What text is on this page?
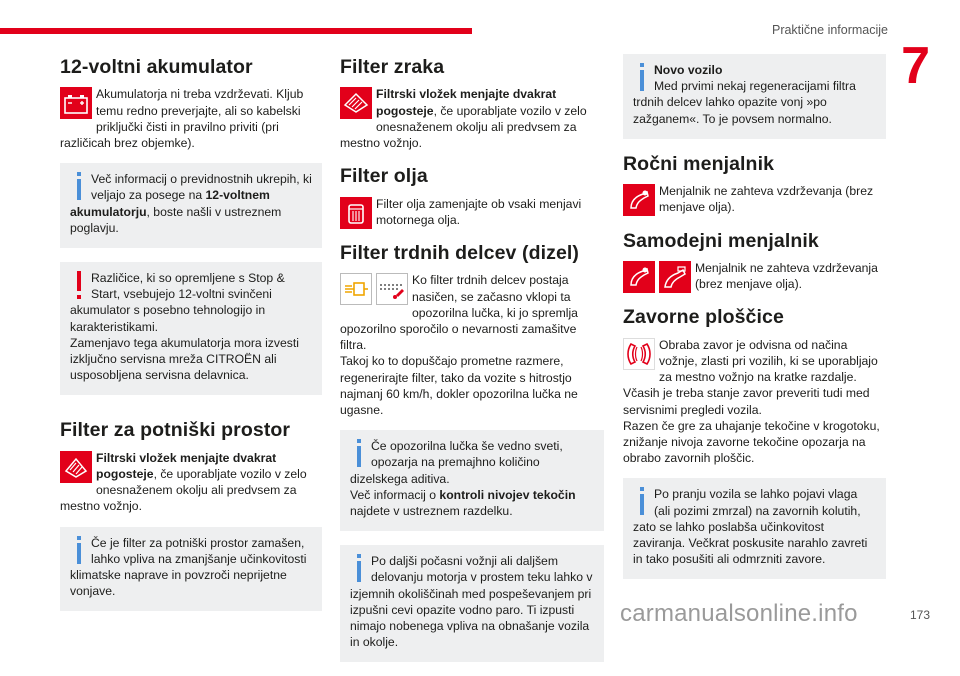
Praktične informacije
7
173
carmanualsonline.info
12-voltni akumulator

Akumulatorja ni treba vzdrževati. Kljub temu redno preverjajte, ali so kabelski priključki čisti in pravilno priviti (pri različicah brez objemke).

Več informacij o previdnostnih ukrepih, ki veljajo za posege na 12-voltnem akumulatorju, boste našli v ustreznem poglavju.

Različice, ki so opremljene s Stop & Start, vsebujejo 12-voltni svinčeni akumulator s posebno tehnologijo in karakteristikami.

Zamenjavo tega akumulatorja mora izvesti izključno servisna mreža CITROËN ali usposobljena servisna delavnica.

Filter za potniški prostor

Filtrski vložek menjajte dvakrat pogosteje, če uporabljate vozilo v zelo onesnaženem okolju ali predvsem za mestno vožnjo.

Če je filter za potniški prostor zamašen, lahko vpliva na zmanjšanje učinkovitosti klimatske naprave in povzroči neprijetne vonjave.

Filter zraka

Filtrski vložek menjajte dvakrat pogosteje, če uporabljate vozilo v zelo onesnaženem okolju ali predvsem za mestno vožnjo.

Filter olja

Filter olja zamenjajte ob vsaki menjavi motornega olja.

Filter trdnih delcev (dizel)

Ko filter trdnih delcev postaja nasičen, se začasno vklopi ta opozorilna lučka, ki jo spremlja opozorilno sporočilo o nevarnosti zamašitve filtra.

Takoj ko to dopuščajo prometne razmere, regenerirajte filter, tako da vozite s hitrostjo najmanj 60 km/h, dokler opozorilna lučka ne ugasne.

Če opozorilna lučka še vedno sveti, opozarja na premajhno količino dizelskega aditiva.

Več informacij o kontroli nivojev tekočin najdete v ustreznem razdelku.

Po daljši počasni vožnji ali daljšem delovanju motorja v prostem teku lahko v izjemnih okoliščinah med pospeševanjem pri izpušni cevi opazite vodno paro. Ti izpusti nimajo nobenega vpliva na obnašanje vozila in okolje.

Novo vozilo

Med prvimi nekaj regeneracijami filtra trdnih delcev lahko opazite vonj »po zažganem«. To je povsem normalno.

Ročni menjalnik

Menjalnik ne zahteva vzdrževanja (brez menjave olja).

Samodejni menjalnik

Menjalnik ne zahteva vzdrževanja (brez menjave olja).

Zavorne ploščice

Obraba zavor je odvisna od načina vožnje, zlasti pri vozilih, ki se uporabljajo za mestno vožnjo na kratke razdalje. Včasih je treba stanje zavor preveriti tudi med servisnimi pregledi vozila.

Razen če gre za uhajanje tekočine v krogotoku, znižanje nivoja zavorne tekočine opozarja na obrabo zavornih ploščic.

Po pranju vozila se lahko pojavi vlaga (ali pozimi zmrzal) na zavornih kolutih, zato se lahko poslabša učinkovitost zaviranja. Večkrat poskusite narahlo zavreti in tako posušiti ali odmrzniti zavore.
